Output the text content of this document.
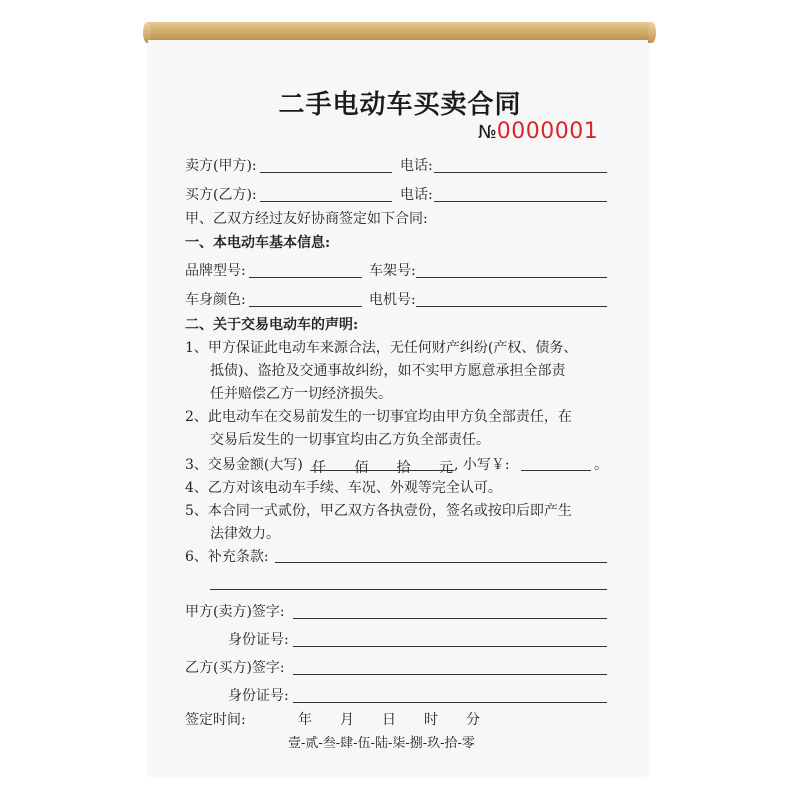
二手电动车买卖合同
№0000001
卖方(甲方):	电话:
买方(乙方):	电话:
甲、乙双方经过友好协商签定如下合同:
一、本电动车基本信息:
品牌型号:	车架号:
车身颜色:	电机号:
二、关于交易电动车的声明:
1、甲方保证此电动车来源合法，无任何财产纠纷(产权、债务、
抵债)、盗抢及交通事故纠纷，如不实甲方愿意承担全部责
任并赔偿乙方一切经济损失。
2、此电动车在交易前发生的一切事宜均由甲方负全部责任，在
交易后发生的一切事宜均由乙方负全部责任。
3、交易金额(大写) 仟 佰 拾 元 , 小写￥:	。
4、乙方对该电动车手续、车况、外观等完全认可。
5、本合同一式贰份，甲乙双方各执壹份，签名或按印后即产生
法律效力。
6、补充条款:
甲方(卖方)签字:
身份证号:
乙方(买方)签字:
身份证号:
签定时间:	年 月 日 时 分
壹-贰-叁-肆-伍-陆-柒-捌-玖-拾-零
